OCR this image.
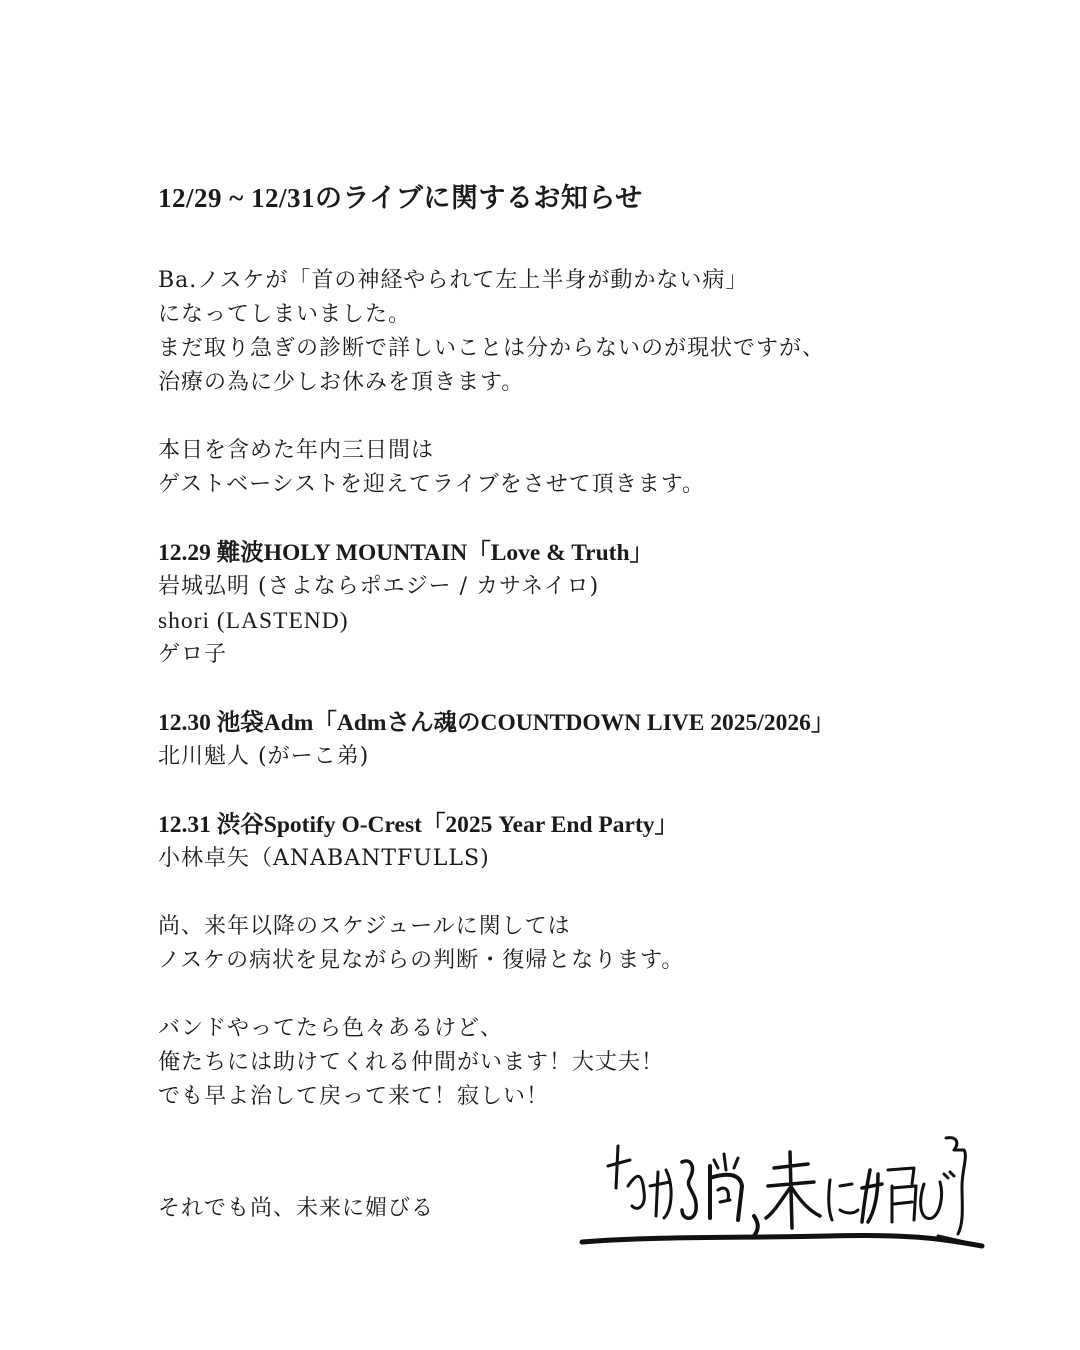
12/29 ~ 12/31のライブに関するお知らせ

Ba.ノスケが「首の神経やられて左上半身が動かない病」
になってしまいました。
まだ取り急ぎの診断で詳しいことは分からないのが現状ですが、
治療の為に少しお休みを頂きます。

本日を含めた年内三日間は
ゲストベーシストを迎えてライブをさせて頂きます。

12.29 難波HOLY MOUNTAIN「Love & Truth」
岩城弘明 (さよならポエジー / カサネイロ)
shori (LASTEND)
ゲロ子

12.30 池袋Adm「Admさん魂のCOUNTDOWN LIVE 2025/2026」
北川魁人 (がーこ弟)

12.31 渋谷Spotify O-Crest「2025 Year End Party」
小林卓矢（ANABANTFULLS)

尚、来年以降のスケジュールに関しては
ノスケの病状を見ながらの判断・復帰となります。

バンドやってたら色々あるけど、
俺たちには助けてくれる仲間がいます！大丈夫！
でも早よ治して戻って来て！寂しい！

それでも尚、未来に媚びる
